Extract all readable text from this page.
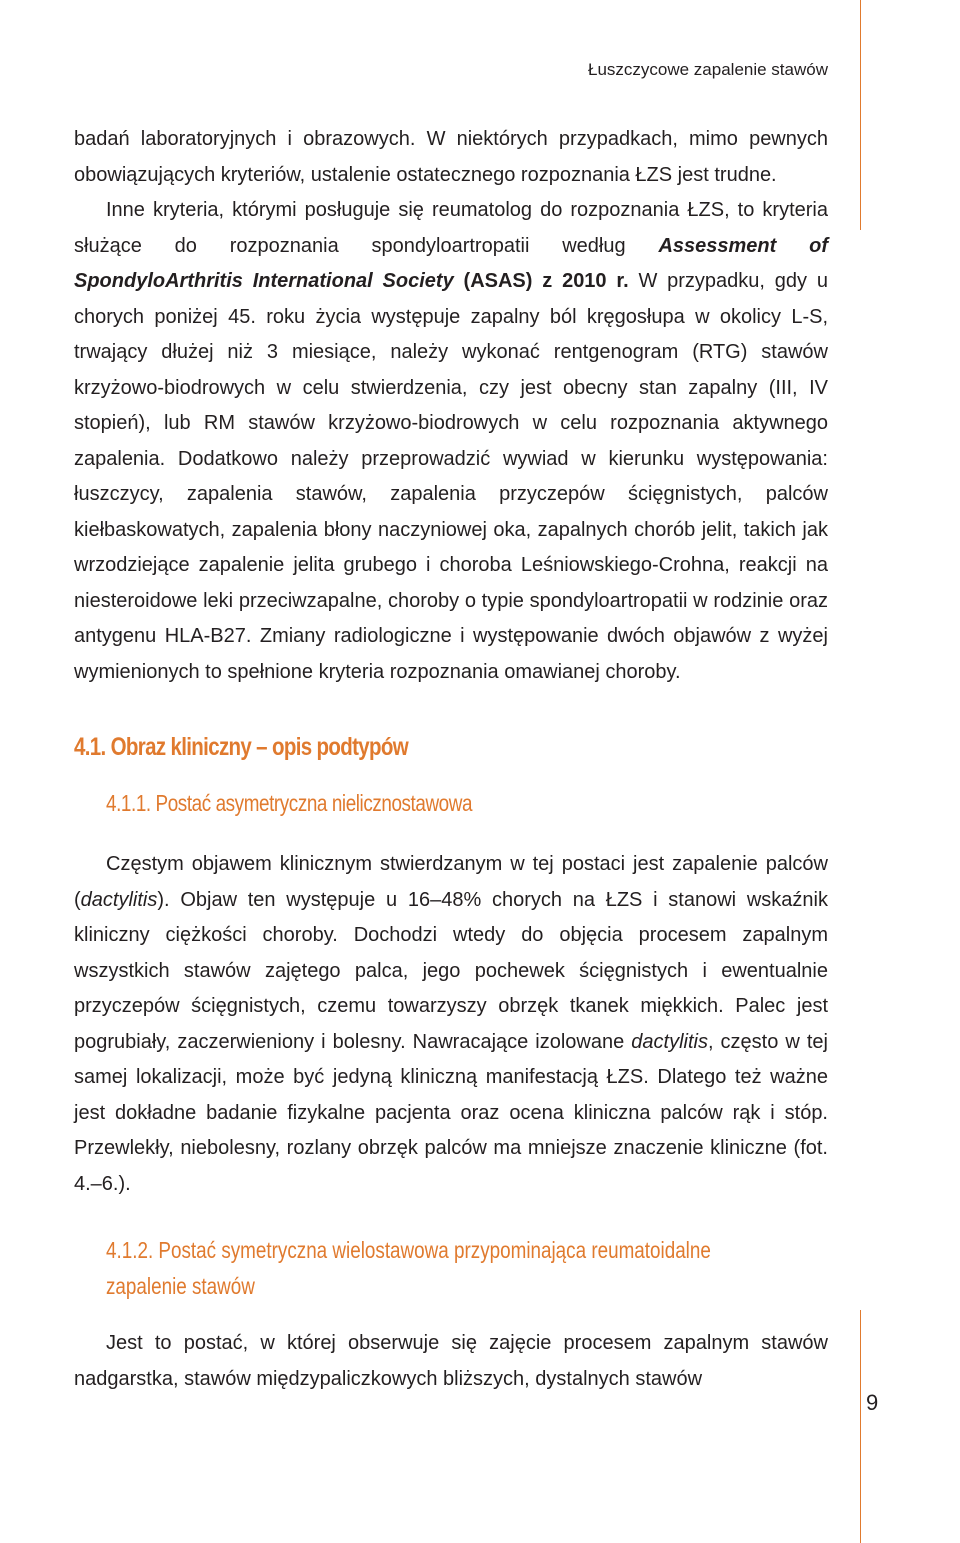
Łuszczycowe zapalenie stawów
9

badań laboratoryjnych i obrazowych. W niektórych przypadkach, mimo pewnych obowiązujących kryteriów, ustalenie ostatecznego rozpoznania ŁZS jest trudne.

Inne kryteria, którymi posługuje się reumatolog do rozpoznania ŁZS, to kryteria służące do rozpoznania spondyloartropatii według Assessment of SpondyloArthritis International Society (ASAS) z 2010 r. W przypadku, gdy u chorych poniżej 45. roku życia występuje zapalny ból kręgosłupa w okolicy L-S, trwający dłużej niż 3 miesiące, należy wykonać rentgenogram (RTG) stawów krzyżowo-biodrowych w celu stwierdzenia, czy jest obecny stan zapalny (III, IV stopień), lub RM stawów krzyżowo-biodrowych w celu rozpoznania aktywnego zapalenia. Dodatkowo należy przeprowadzić wywiad w kierunku występowania: łuszczycy, zapalenia stawów, zapalenia przyczepów ścięgnistych, palców kiełbaskowatych, zapalenia błony naczyniowej oka, zapalnych chorób jelit, takich jak wrzodziejące zapalenie jelita grubego i choroba Leśniowskiego-Crohna, reakcji na niesteroidowe leki przeciwzapalne, choroby o typie spondyloartropatii w rodzinie oraz antygenu HLA-B27. Zmiany radiologiczne i występowanie dwóch objawów z wyżej wymienionych to spełnione kryteria rozpoznania omawianej choroby.

4.1. Obraz kliniczny – opis podtypów
4.1.1. Postać asymetryczna nielicznostawowa

Częstym objawem klinicznym stwierdzanym w tej postaci jest zapalenie palców (dactylitis). Objaw ten występuje u 16–48% chorych na ŁZS i stanowi wskaźnik kliniczny ciężkości choroby. Dochodzi wtedy do objęcia procesem zapalnym wszystkich stawów zajętego palca, jego pochewek ścięgnistych i ewentualnie przyczepów ścięgnistych, czemu towarzyszy obrzęk tkanek miękkich. Palec jest pogrubiały, zaczerwieniony i bolesny. Nawracające izolowane dactylitis, często w tej samej lokalizacji, może być jedyną kliniczną manifestacją ŁZS. Dlatego też ważne jest dokładne badanie fizykalne pacjenta oraz ocena kliniczna palców rąk i stóp. Przewlekły, niebolesny, rozlany obrzęk palców ma mniejsze znaczenie kliniczne (fot. 4.–6.).

4.1.2. Postać symetryczna wielostawowa przypominająca reumatoidalne
zapalenie stawów

Jest to postać, w której obserwuje się zajęcie procesem zapalnym stawów nadgarstka, stawów międzypaliczkowych bliższych, dystalnych stawów
